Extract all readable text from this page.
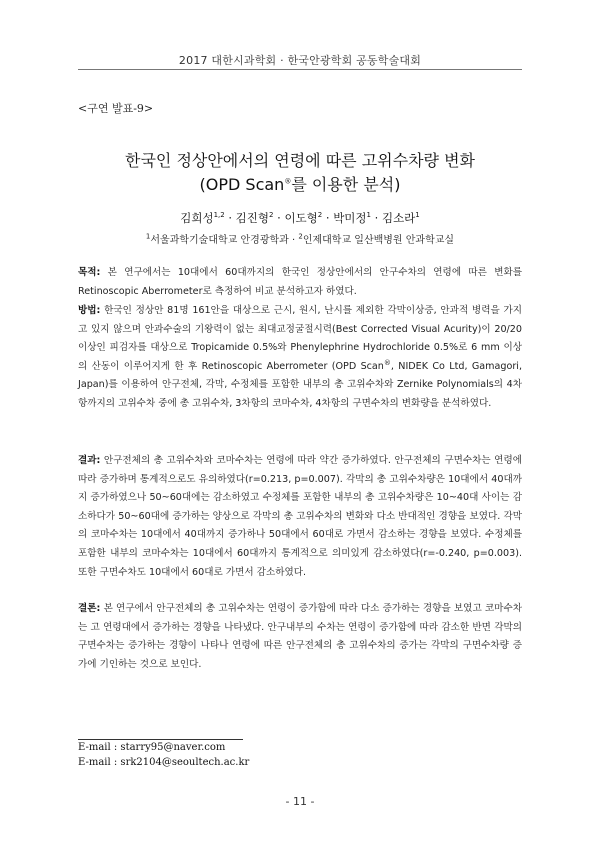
2017 대한시과학회 · 한국안광학회 공동학술대회
<구연 발표-9>
한국인 정상안에서의 연령에 따른 고위수차량 변화
(OPD Scan®를 이용한 분석)
김희성$^{1,2}$ · 김진형$^2$ · 이도형$^2$ · 박미정$^1$ · 김소라$^1$
$^1$서울과학기술대학교 안경광학과 · $^2$인제대학교 일산백병원 안과학교실
목적: 본 연구에서는 10대에서 60대까지의 한국인 정상안에서의 안구수차의 연령에 따른 변화를 Retinoscopic Aberrometer로 측정하여 비교 분석하고자 하였다.
방법: 한국인 정상안 81명 161안을 대상으로 근시, 원시, 난시를 제외한 각막이상증, 안과적 병력을 가지고 있지 않으며 안과수술의 기왕력이 없는 최대교정굴절시력(Best Corrected Visual Acurity)이 20/20 이상인 피검자를 대상으로 Tropicamide 0.5%와 Phenylephrine Hydrochloride 0.5%로 6 mm 이상의 산동이 이루어지게 한 후 Retinoscopic Aberrometer (OPD Scan®, NIDEK Co Ltd, Gamagori, Japan)를 이용하여 안구전체, 각막, 수정체를 포함한 내부의 총 고위수차와 Zernike Polynomials의 4차항까지의 고위수차 중에 총 고위수차, 3차항의 코마수차, 4차항의 구면수차의 변화량을 분석하였다.
결과: 안구전체의 총 고위수차와 코마수차는 연령에 따라 약간 증가하였다. 안구전체의 구면수차는 연령에 따라 증가하며 통계적으로도 유의하였다(r=0.213, p=0.007). 각막의 총 고위수차량은 10대에서 40대까지 증가하였으나 50~60대에는 감소하였고 수정체를 포함한 내부의 총 고위수차량은 10~40대 사이는 감소하다가 50~60대에 증가하는 양상으로 각막의 총 고위수차의 변화와 다소 반대적인 경향을 보였다. 각막의 코마수차는 10대에서 40대까지 증가하나 50대에서 60대로 가면서 감소하는 경향을 보였다. 수정체를 포함한 내부의 코마수차는 10대에서 60대까지 통계적으로 의미있게 감소하였다(r=-0.240, p=0.003). 또한 구면수차도 10대에서 60대로 가면서 감소하였다.
결론: 본 연구에서 안구전체의 총 고위수차는 연령이 증가함에 따라 다소 증가하는 경향을 보였고 코마수차는 고 연령대에서 증가하는 경향을 나타냈다. 안구내부의 수차는 연령이 증가함에 따라 감소한 반면 각막의 구면수차는 증가하는 경향이 나타나 연령에 따른 안구전체의 총 고위수차의 증가는 각막의 구면수차량 증가에 기인하는 것으로 보인다.
E-mail : starry95@naver.com
E-mail : srk2104@seoultech.ac.kr
- 11 -
